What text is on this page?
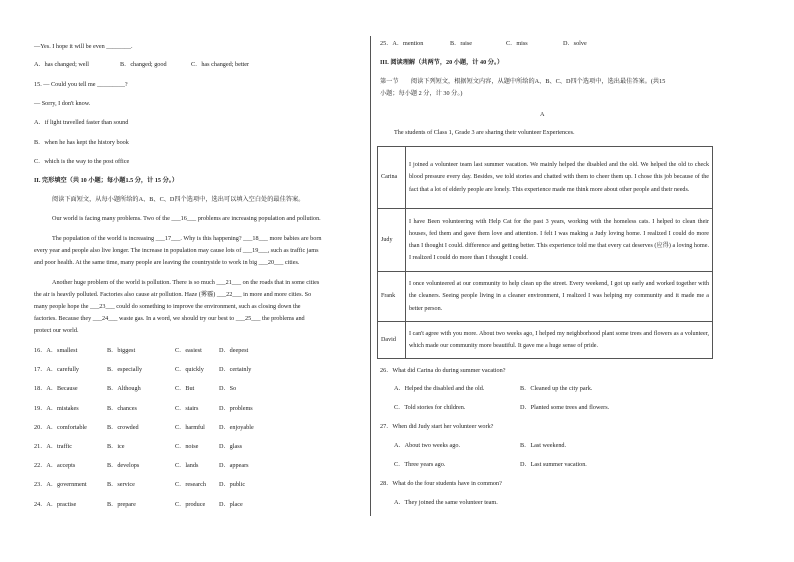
—Yes. I hope it will be even ________.
A．has changed; well	B．changed; good	C．has changed; better
15. — Could you tell me _________?
— Sorry, I don't know.
A．if light travelled faster than sound
B．when he has kept the history book
C．which is the way to the post office
II. 完形填空（共 10 小题；每小题1.5 分，计 15 分。）
阅读下面短文，从每小题所给的A、B、C、D四个选项中，选出可以填入空白处的最佳答案。
Our world is facing many problems. Two of the ___16___ problems are increasing population and pollution.
The population of the world is increasing ___17___. Why is this happening? ___18___ more babies are born
every year and people also live longer. The increase in population may cause lots of ___19___, such as traffic jams
and poor health. At the same time, many people are leaving the countryside to work in big ___20___ cities.
Another huge problem of the world is pollution. There is so much ___21___ on the roads that in some cities
the air is heavily polluted. Factories also cause air pollution. Haze (雾霾) ___22___ in more and more cities. So
many people hope the ___23___ could do something to improve the environment, such as closing down the
factories. Because they ___24___ waste gas. In a word, we should try our best to ___25___ the problems and
protect our world.
16．A．smallest	B．biggest	C．easiest	D．deepest
17．A．carefully	B．especially	C．quickly D．certainly
18．A．Because	B．Although	C．But	D．So
19．A．mistakes	B．chances	C．stairs	D．problems
20．A．comfortable	B．crowded	C．harmful D．enjoyable
21．A．traffic	B．ice	C．noise	D．glass
22．A．accepts	B．develops	C．lands	D．appears
23．A．government	B．service	C．research D．public
24．A．practise	B．prepare	C．produce D．place
25．A．mention	B．raise	C．miss	D．solve
III. 阅读理解（共两节，20 小题，计 40 分。）
第一节　　阅读下列短文，根据短文内容，从题中所给的A、B、C、D四个选项中，选出最佳答案。(共15
小题；每小题 2 分，计 30 分。)
A
The students of Class 1, Grade 3 are sharing their volunteer Experiences.
Carina	I joined a volunteer team last summer vacation. We mainly helped the disabled and the old. We helped the old to check blood pressure every day. Besides, we told stories and chatted with them to cheer them up. I chose this job because of the fact that a lot of elderly people are lonely. This experience made me think more about other people and their needs.
Judy	I have Been volunteering with Help Cat for the past 3 years, working with the homeless cats. I helped to clean their houses, fed them and gave them love and attention. I felt I was making a Judy loving home. I realized I could do more than I thought I could. difference and getting better. This experience told me that every cat deserves (应得) a loving home. I realized I could do more than I thought I could.
Frank	I once volunteered at our community to help clean up the street. Every weekend, I got up early and worked together with the cleaners. Seeing people living in a cleaner environment, I realized I was helping my community and it made me a better person.
David	I can't agree with you more. About two weeks ago, I helped my neighborhood plant some trees and flowers as a volunteer, which made our community more beautiful. It gave me a huge sense of pride.
26．What did Carina do during summer vacation?
A．Helped the disabled and the old.	B．Cleaned up the city park.
C．Told stories for children.	D．Planted some trees and flowers.
27．When did Judy start her volunteer work?
A．About two weeks ago.	B．Last weekend.
C．Three years ago.	D．Last summer vacation.
28．What do the four students have in common?
A．They joined the same volunteer team.
